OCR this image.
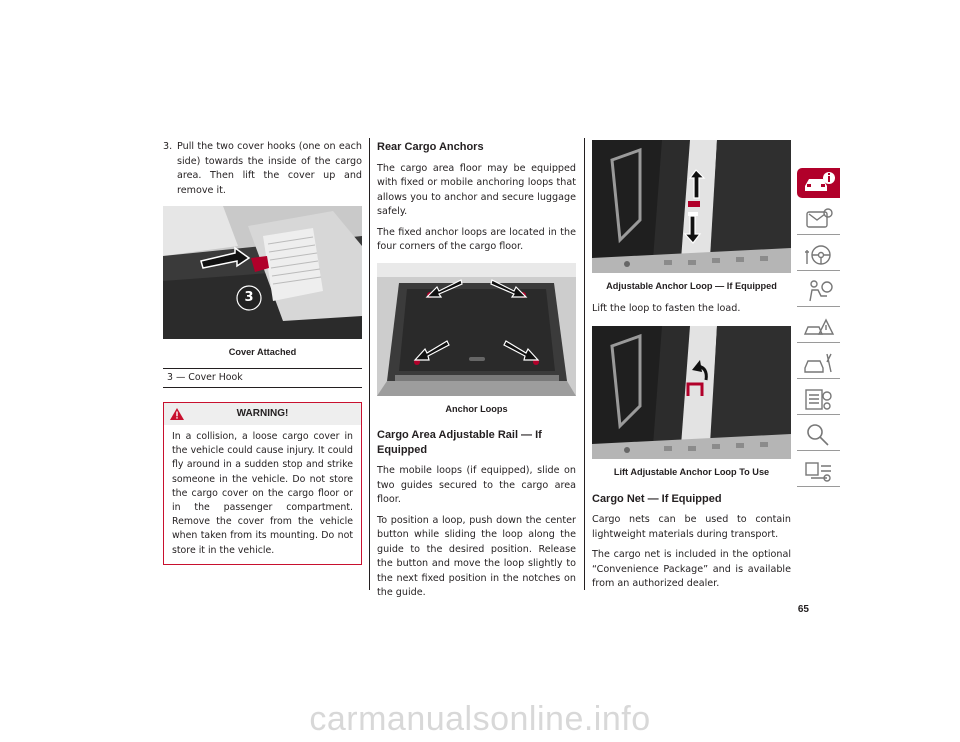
3. Pull the two cover hooks (one on each side) towards the inside of the cargo area. Then lift the cover up and remove it.
3
Cover Attached
3 — Cover Hook
WARNING!
In a collision, a loose cargo cover in the vehicle could cause injury. It could fly around in a sudden stop and strike someone in the vehicle. Do not store the cargo cover on the cargo floor or in the passenger compartment. Remove the cover from the vehicle when taken from its mounting. Do not store it in the vehicle.
Rear Cargo Anchors

The cargo area floor may be equipped with fixed or mobile anchoring loops that allows you to anchor and secure luggage safely.

The fixed anchor loops are located in the four corners of the cargo floor.

Anchor Loops
Cargo Area Adjustable Rail — If Equipped

The mobile loops (if equipped), slide on two guides secured to the cargo area floor.

To position a loop, push down the center button while sliding the loop along the guide to the desired position. Release the button and move the loop slightly to the next fixed position in the notches on the guide.

Adjustable Anchor Loop — If Equipped

Lift the loop to fasten the load.

Lift Adjustable Anchor Loop To Use
Cargo Net — If Equipped

Cargo nets can be used to contain lightweight materials during transport.

The cargo net is included in the optional “Convenience Package” and is available from an authorized dealer.

65
carmanualsonline.info
